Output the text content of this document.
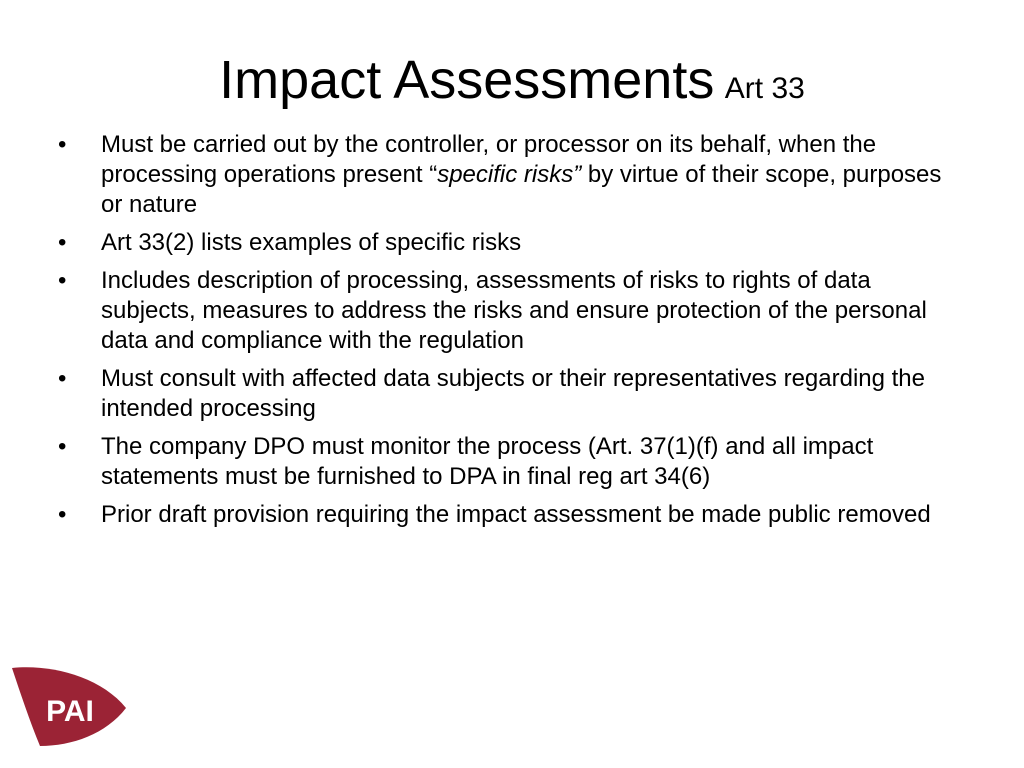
Impact Assessments Art 33
• Must be carried out by the controller, or processor on its behalf, when the processing operations present “specific risks” by virtue of their scope, purposes or nature
• Art 33(2) lists examples of specific risks
• Includes description of processing, assessments of risks to rights of data subjects, measures to address the risks and ensure protection of the personal data and compliance with the regulation
• Must consult with affected data subjects or their representatives regarding the intended processing
• The company DPO must monitor the process (Art. 37(1)(f) and all impact statements must be furnished to DPA in final reg art 34(6)
• Prior draft provision requiring the impact assessment be made public removed
PAI
